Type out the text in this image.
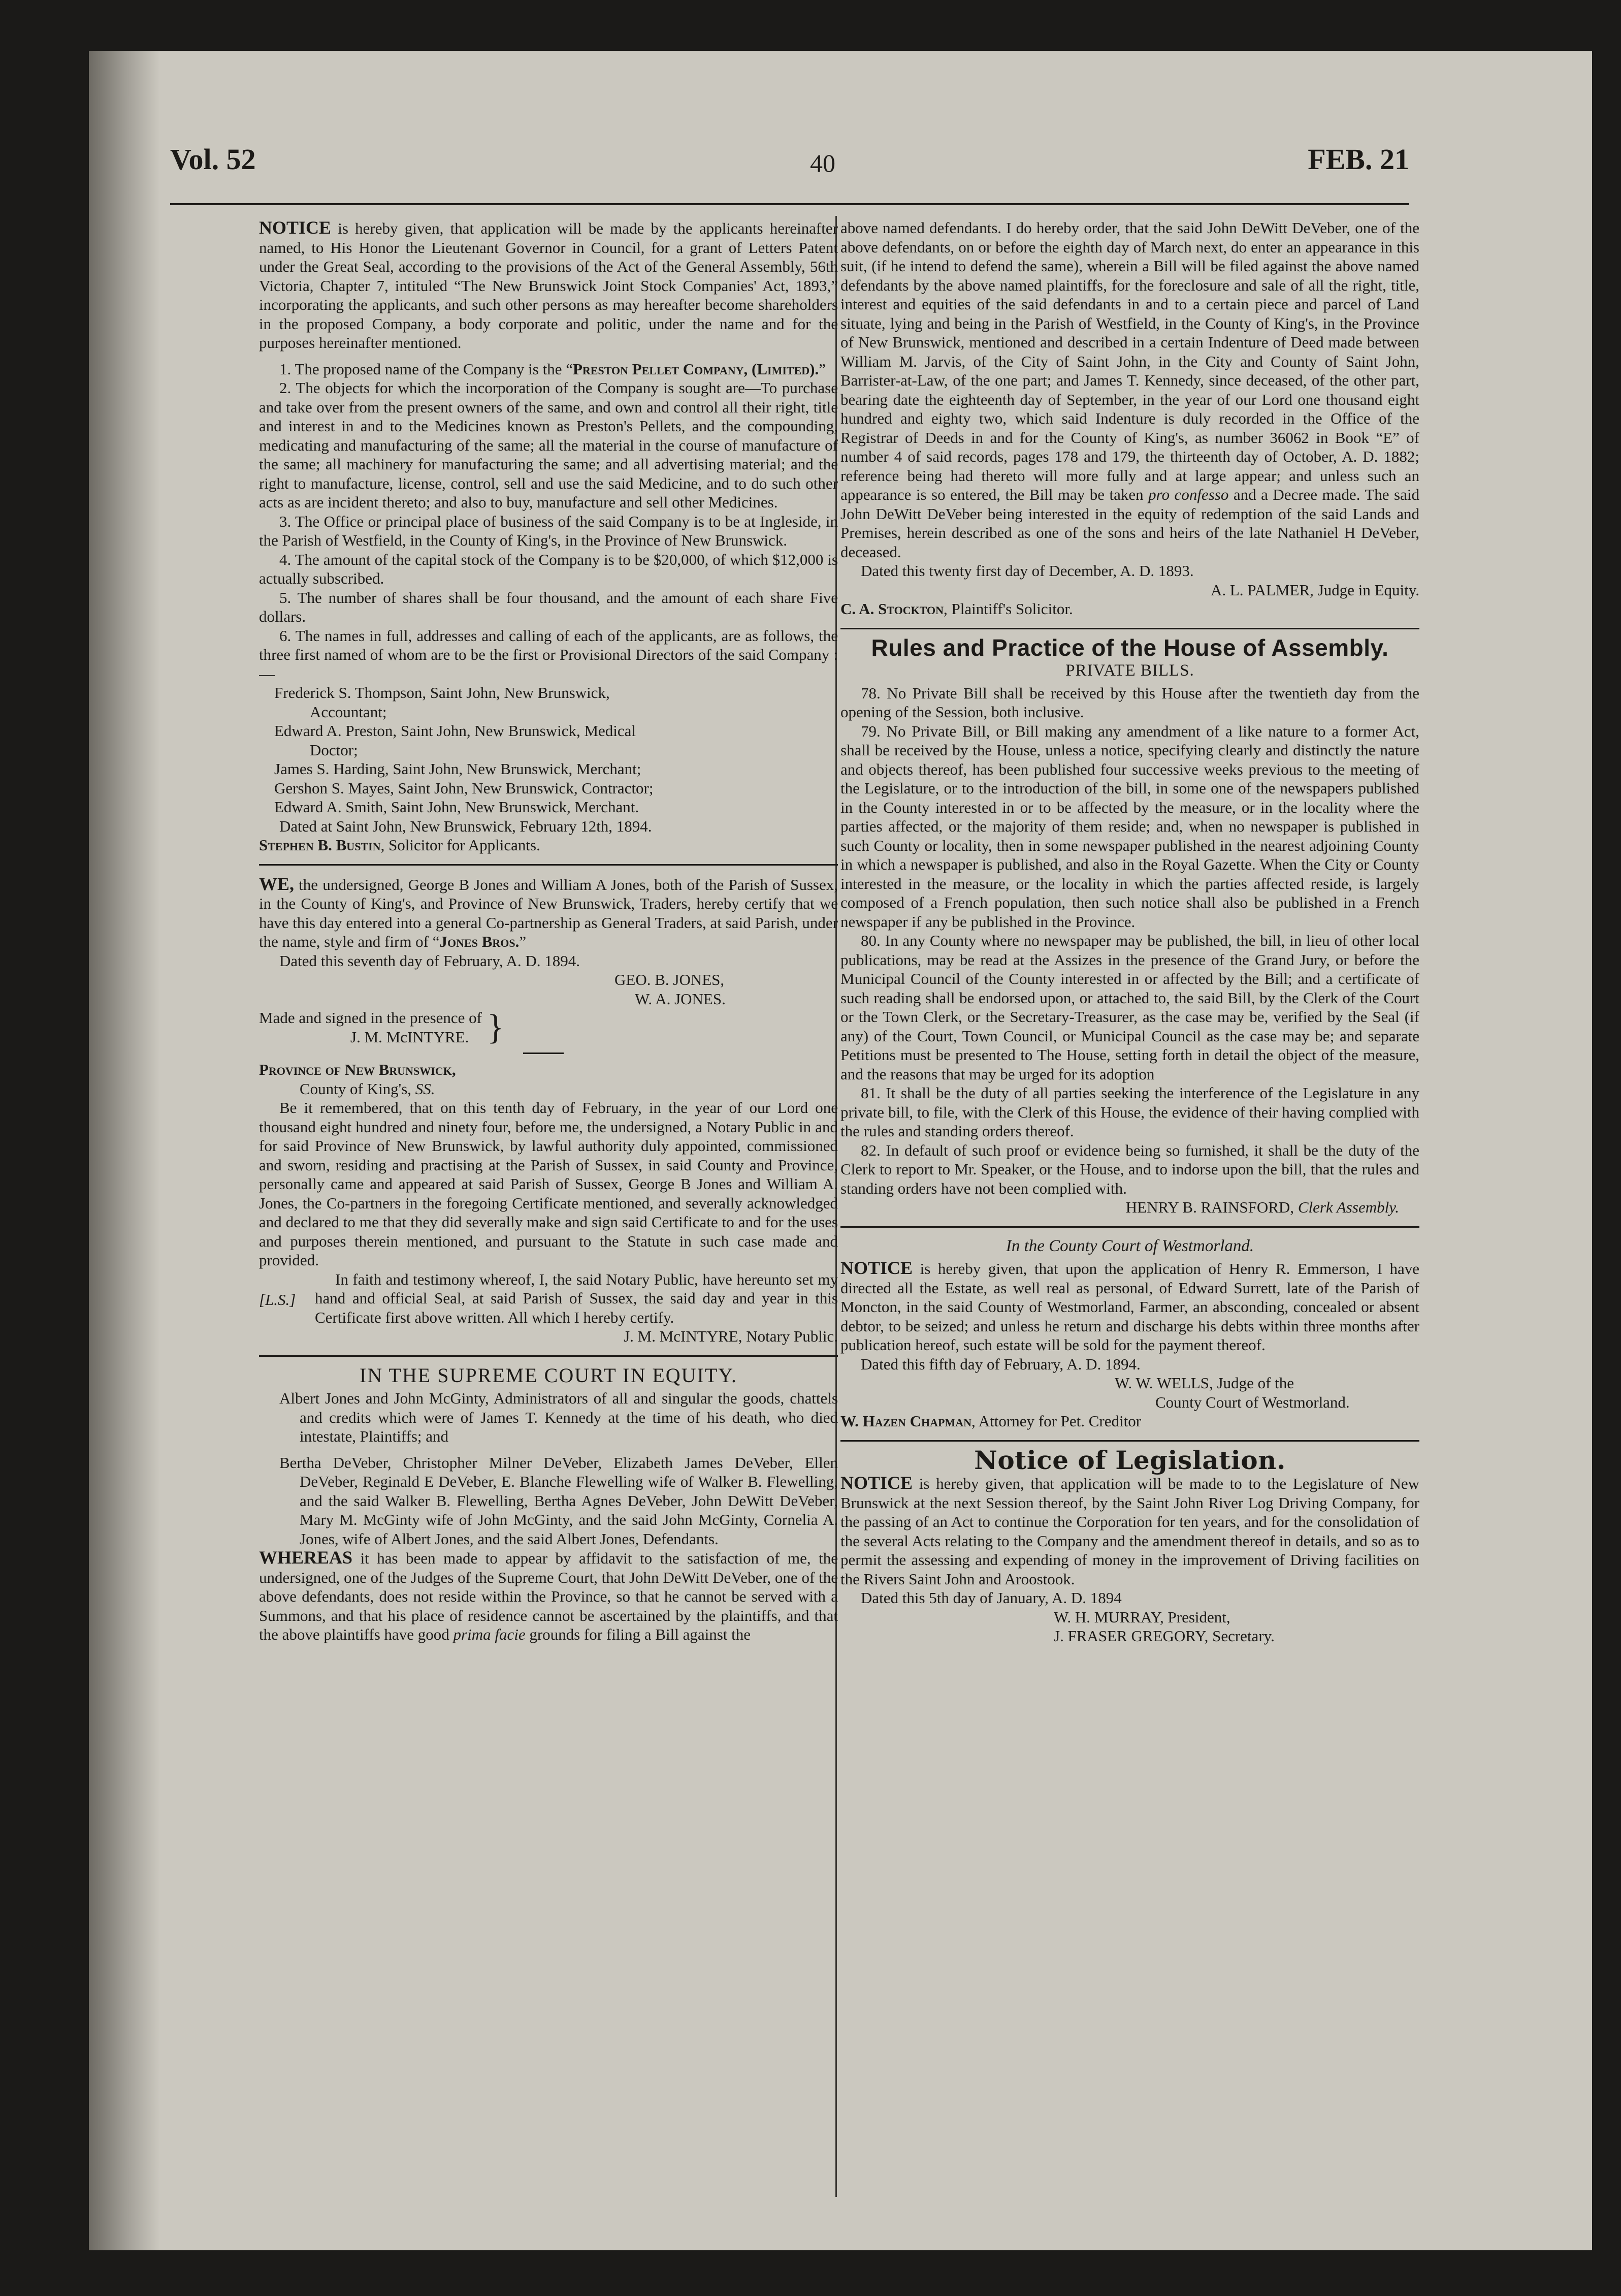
Vol. 52	40	FEB. 21

NOTICE is hereby given, that application will be made by the applicants hereinafter named, to His Honor the Lieutenant Governor in Council, for a grant of Letters Patent under the Great Seal, according to the provisions of the Act of the General Assembly, 56th Victoria, Chapter 7, intituled “The New Brunswick Joint Stock Companies' Act, 1893,” incorporating the applicants, and such other persons as may hereafter become shareholders in the proposed Company, a body corporate and politic, under the name and for the purposes hereinafter mentioned.

1. The proposed name of the Company is the “Preston Pellet Company, (Limited).”

2. The objects for which the incorporation of the Company is sought are—To purchase and take over from the present owners of the same, and own and control all their right, title and interest in and to the Medicines known as Preston's Pellets, and the compounding, medicating and manufacturing of the same; all the material in the course of manufacture of the same; all machinery for manufacturing the same; and all advertising material; and the right to manufacture, license, control, sell and use the said Medicine, and to do such other acts as are incident thereto; and also to buy, manufacture and sell other Medicines.

3. The Office or principal place of business of the said Company is to be at Ingleside, in the Parish of Westfield, in the County of King's, in the Province of New Brunswick.

4. The amount of the capital stock of the Company is to be $20,000, of which $12,000 is actually subscribed.

5. The number of shares shall be four thousand, and the amount of each share Five dollars.

6. The names in full, addresses and calling of each of the applicants, are as follows, the three first named of whom are to be the first or Provisional Directors of the said Company :—

Frederick S. Thompson, Saint John, New Brunswick,
Accountant;
Edward A. Preston, Saint John, New Brunswick, Medical
Doctor;
James S. Harding, Saint John, New Brunswick, Merchant;
Gershon S. Mayes, Saint John, New Brunswick, Contractor;
Edward A. Smith, Saint John, New Brunswick, Merchant.

Dated at Saint John, New Brunswick, February 12th, 1894.

Stephen B. Bustin, Solicitor for Applicants.

WE, the undersigned, George B Jones and William A Jones, both of the Parish of Sussex, in the County of King's, and Province of New Brunswick, Traders, hereby certify that we have this day entered into a general Co-partnership as General Traders, at said Parish, under the name, style and firm of “Jones Bros.”

Dated this seventh day of February, A. D. 1894.

GEO. B. JONES,
W. A. JONES.
Made and signed in the presence of
J. M. McINTYRE. }
Province of New Brunswick,
County of King's, SS.

Be it remembered, that on this tenth day of February, in the year of our Lord one thousand eight hundred and ninety four, before me, the undersigned, a Notary Public in and for said Province of New Brunswick, by lawful authority duly appointed, commissioned and sworn, residing and practising at the Parish of Sussex, in said County and Province, personally came and appeared at said Parish of Sussex, George B Jones and William A. Jones, the Co-partners in the foregoing Certificate mentioned, and severally acknowledged and declared to me that they did severally make and sign said Certificate to and for the uses and purposes therein mentioned, and pursuant to the Statute in such case made and provided.

[L.S.]

In faith and testimony whereof, I, the said Notary Public, have hereunto set my hand and official Seal, at said Parish of Sussex, the said day and year in this Certificate first above written. All which I hereby certify.

J. M. McINTYRE, Notary Public.
IN THE SUPREME COURT IN EQUITY.

Albert Jones and John McGinty, Administrators of all and singular the goods, chattels and credits which were of James T. Kennedy at the time of his death, who died intestate, Plaintiffs; and

Bertha DeVeber, Christopher Milner DeVeber, Elizabeth James DeVeber, Ellen DeVeber, Reginald E DeVeber, E. Blanche Flewelling wife of Walker B. Flewelling, and the said Walker B. Flewelling, Bertha Agnes DeVeber, John DeWitt DeVeber, Mary M. McGinty wife of John McGinty, and the said John McGinty, Cornelia A. Jones, wife of Albert Jones, and the said Albert Jones, Defendants.

WHEREAS it has been made to appear by affidavit to the satisfaction of me, the undersigned, one of the Judges of the Supreme Court, that John DeWitt DeVeber, one of the above defendants, does not reside within the Province, so that he cannot be served with a Summons, and that his place of residence cannot be ascertained by the plaintiffs, and that the above plaintiffs have good prima facie grounds for filing a Bill against the

above named defendants. I do hereby order, that the said John DeWitt DeVeber, one of the above defendants, on or before the eighth day of March next, do enter an appearance in this suit, (if he intend to defend the same), wherein a Bill will be filed against the above named defendants by the above named plaintiffs, for the foreclosure and sale of all the right, title, interest and equities of the said defendants in and to a certain piece and parcel of Land situate, lying and being in the Parish of Westfield, in the County of King's, in the Province of New Brunswick, mentioned and described in a certain Indenture of Deed made between William M. Jarvis, of the City of Saint John, in the City and County of Saint John, Barrister-at-Law, of the one part; and James T. Kennedy, since deceased, of the other part, bearing date the eighteenth day of September, in the year of our Lord one thousand eight hundred and eighty two, which said Indenture is duly recorded in the Office of the Registrar of Deeds in and for the County of King's, as number 36062 in Book “E” of number 4 of said records, pages 178 and 179, the thirteenth day of October, A. D. 1882; reference being had thereto will more fully and at large appear; and unless such an appearance is so entered, the Bill may be taken pro confesso and a Decree made. The said John DeWitt DeVeber being interested in the equity of redemption of the said Lands and Premises, herein described as one of the sons and heirs of the late Nathaniel H DeVeber, deceased.

Dated this twenty first day of December, A. D. 1893.

A. L. PALMER, Judge in Equity.

C. A. Stockton, Plaintiff's Solicitor.

Rules and Practice of the House of Assembly.
PRIVATE BILLS.

78. No Private Bill shall be received by this House after the twentieth day from the opening of the Session, both inclusive.

79. No Private Bill, or Bill making any amendment of a like nature to a former Act, shall be received by the House, unless a notice, specifying clearly and distinctly the nature and objects thereof, has been published four successive weeks previous to the meeting of the Legislature, or to the introduction of the bill, in some one of the newspapers published in the County interested in or to be affected by the measure, or in the locality where the parties affected, or the majority of them reside; and, when no newspaper is published in such County or locality, then in some newspaper published in the nearest adjoining County in which a newspaper is published, and also in the Royal Gazette. When the City or County interested in the measure, or the locality in which the parties affected reside, is largely composed of a French population, then such notice shall also be published in a French newspaper if any be published in the Province.

80. In any County where no newspaper may be published, the bill, in lieu of other local publications, may be read at the Assizes in the presence of the Grand Jury, or before the Municipal Council of the County interested in or affected by the Bill; and a certificate of such reading shall be endorsed upon, or attached to, the said Bill, by the Clerk of the Court or the Town Clerk, or the Secretary-Treasurer, as the case may be, verified by the Seal (if any) of the Court, Town Council, or Municipal Council as the case may be; and separate Petitions must be presented to The House, setting forth in detail the object of the measure, and the reasons that may be urged for its adoption

81. It shall be the duty of all parties seeking the interference of the Legislature in any private bill, to file, with the Clerk of this House, the evidence of their having complied with the rules and standing orders thereof.

82. In default of such proof or evidence being so furnished, it shall be the duty of the Clerk to report to Mr. Speaker, or the House, and to indorse upon the bill, that the rules and standing orders have not been complied with.

HENRY B. RAINSFORD, Clerk Assembly.
In the County Court of Westmorland.

NOTICE is hereby given, that upon the application of Henry R. Emmerson, I have directed all the Estate, as well real as personal, of Edward Surrett, late of the Parish of Moncton, in the said County of Westmorland, Farmer, an absconding, concealed or absent debtor, to be seized; and unless he return and discharge his debts within three months after publication hereof, such estate will be sold for the payment thereof.

Dated this fifth day of February, A. D. 1894.

W. W. WELLS, Judge of the
County Court of Westmorland.

W. Hazen Chapman, Attorney for Pet. Creditor

Notice of Legislation.

NOTICE is hereby given, that application will be made to to the Legislature of New Brunswick at the next Session thereof, by the Saint John River Log Driving Company, for the passing of an Act to continue the Corporation for ten years, and for the consolidation of the several Acts relating to the Company and the amendment thereof in details, and so as to permit the assessing and expending of money in the improvement of Driving facilities on the Rivers Saint John and Aroostook.

Dated this 5th day of January, A. D. 1894

W. H. MURRAY, President,
J. FRASER GREGORY, Secretary.
